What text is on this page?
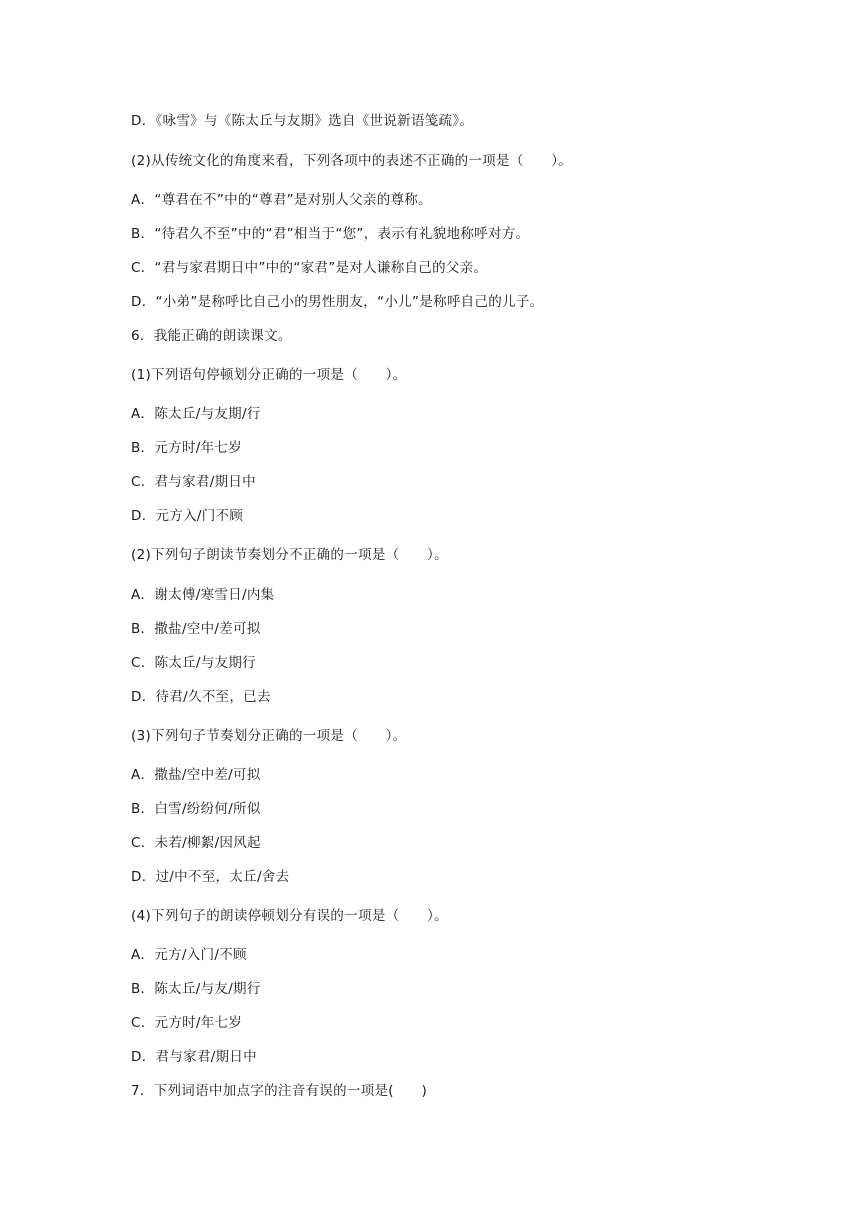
D．《咏雪》与《陈太丘与友期》选自《世说新语笺疏》。
(2)从传统文化的角度来看，下列各项中的表述不正确的一项是（　　）。
A．“尊君在不”中的“尊君”是对别人父亲的尊称。
B．“待君久不至”中的“君”相当于“您”，表示有礼貌地称呼对方。
C．“君与家君期日中”中的“家君”是对人谦称自己的父亲。
D．“小弟”是称呼比自己小的男性朋友，“小儿”是称呼自己的儿子。
6．我能正确的朗读课文。
(1)下列语句停顿划分正确的一项是（　　）。
A．陈太丘/与友期/行
B．元方时/年七岁
C．君与家君/期日中
D．元方入/门不顾
(2)下列句子朗读节奏划分不正确的一项是（　　）。
A．谢太傅/寒雪日/内集
B．撒盐/空中/差可拟
C．陈太丘/与友期行
D．待君/久不至，已去
(3)下列句子节奏划分正确的一项是（　　）。
A．撒盐/空中差/可拟
B．白雪/纷纷何/所似
C．未若/柳絮/因风起
D．过/中不至，太丘/舍去
(4)下列句子的朗读停顿划分有误的一项是（　　）。
A．元方/入门/不顾
B．陈太丘/与友/期行
C．元方时/年七岁
D．君与家君/期日中
7．下列词语中加点字的注音有误的一项是(　　)
